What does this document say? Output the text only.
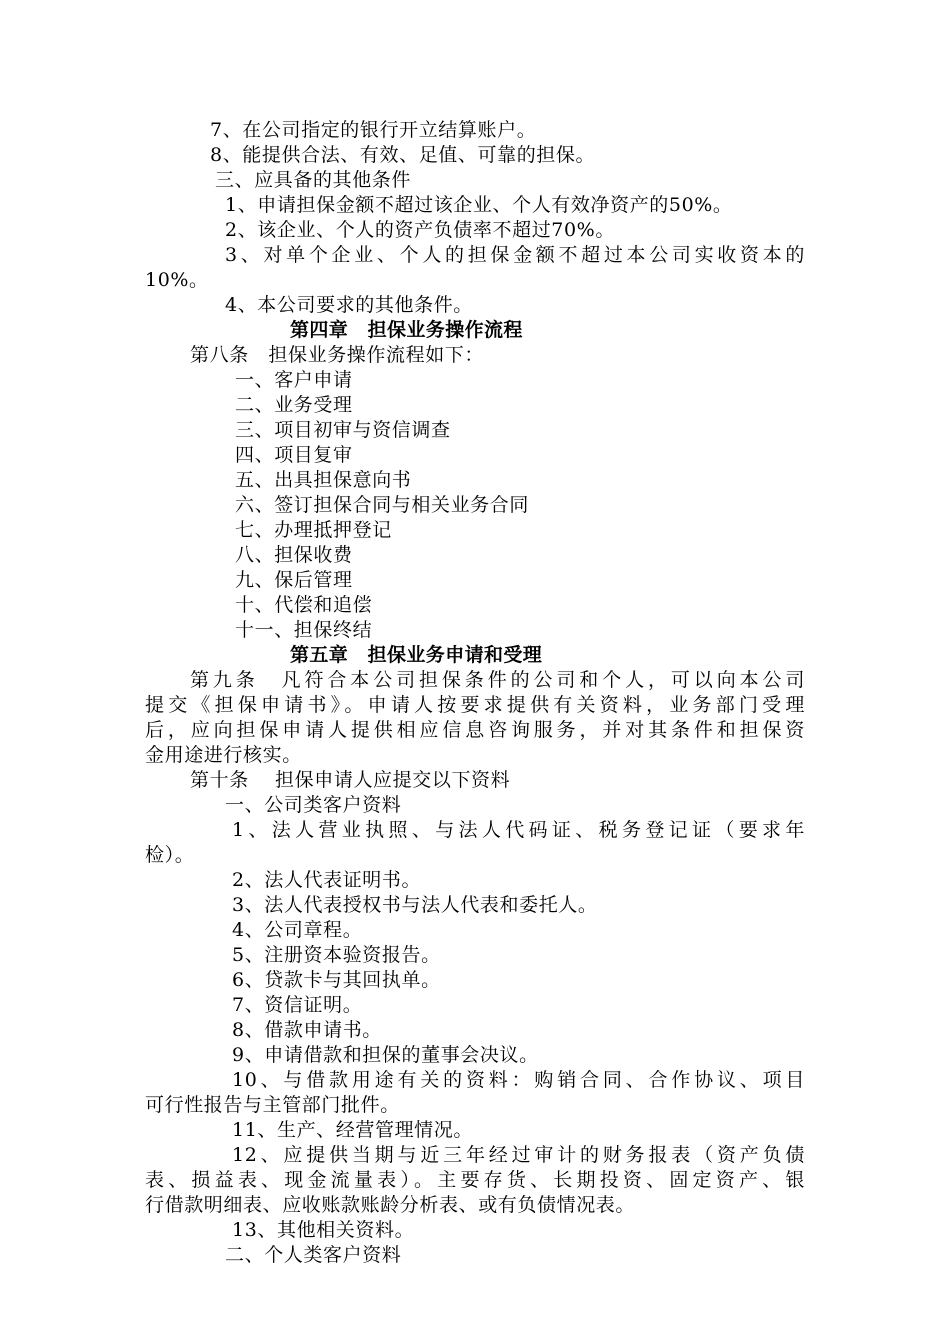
7、在公司指定的银行开立结算账户。
8、能提供合法、有效、足值、可靠的担保。
三、应具备的其他条件
1、申请担保金额不超过该企业、个人有效净资产的50%。
2、该企业、个人的资产负债率不超过70%。
3、对单个企业、个人的担保金额不超过本公司实收资本的
10%。
4、本公司要求的其他条件。
第四章　担保业务操作流程
第八条　担保业务操作流程如下：
一、客户申请
二、业务受理
三、项目初审与资信调查
四、项目复审
五、出具担保意向书
六、签订担保合同与相关业务合同
七、办理抵押登记
八、担保收费
九、保后管理
十、代偿和追偿
十一、担保终结
第五章　担保业务申请和受理
第九条　凡符合本公司担保条件的公司和个人，可以向本公司
提交《担保申请书》。申请人按要求提供有关资料，业务部门受理
后，应向担保申请人提供相应信息咨询服务，并对其条件和担保资
金用途进行核实。
第十条　 担保申请人应提交以下资料
一、公司类客户资料
1、法人营业执照、与法人代码证、税务登记证（要求年
检）。
2、法人代表证明书。
3、法人代表授权书与法人代表和委托人。
4、公司章程。
5、注册资本验资报告。
6、贷款卡与其回执单。
7、资信证明。
8、借款申请书。
9、申请借款和担保的董事会决议。
10、与借款用途有关的资料：购销合同、合作协议、项目
可行性报告与主管部门批件。
11、生产、经营管理情况。
12、应提供当期与近三年经过审计的财务报表（资产负债
表、损益表、现金流量表）。主要存货、长期投资、固定资产、银
行借款明细表、应收账款账龄分析表、或有负债情况表。
13、其他相关资料。
二、个人类客户资料
